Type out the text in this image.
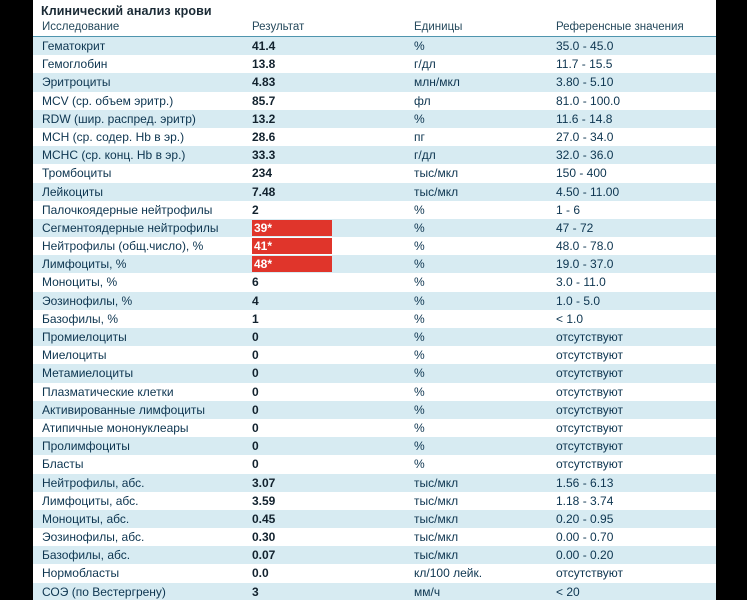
Клинический анализ крови
Исследование	Результат	Единицы	Референсные значения
Гематокрит	41.4	%	35.0 - 45.0
Гемоглобин	13.8	г/дл	11.7 - 15.5
Эритроциты	4.83	млн/мкл	3.80 - 5.10
MCV (ср. объем эритр.)	85.7	фл	81.0 - 100.0
RDW (шир. распред. эритр)	13.2	%	11.6 - 14.8
MCH (ср. содер. Hb в эр.)	28.6	пг	27.0 - 34.0
MCHC (ср. конц. Hb в эр.)	33.3	г/дл	32.0 - 36.0
Тромбоциты	234	тыс/мкл	150 - 400
Лейкоциты	7.48	тыс/мкл	4.50 - 11.00
Палочкоядерные нейтрофилы	2	%	1 - 6
Сегментоядерные нейтрофилы	39*	%	47 - 72
Нейтрофилы (общ.число), %	41*	%	48.0 - 78.0
Лимфоциты, %	48*	%	19.0 - 37.0
Моноциты, %	6	%	3.0 - 11.0
Эозинофилы, %	4	%	1.0 - 5.0
Базофилы, %	1	%	< 1.0
Промиелоциты	0	%	отсутствуют
Миелоциты	0	%	отсутствуют
Метамиелоциты	0	%	отсутствуют
Плазматические клетки	0	%	отсутствуют
Активированные лимфоциты	0	%	отсутствуют
Атипичные мононуклеары	0	%	отсутствуют
Пролимфоциты	0	%	отсутствуют
Бласты	0	%	отсутствуют
Нейтрофилы, абс.	3.07	тыс/мкл	1.56 - 6.13
Лимфоциты, абс.	3.59	тыс/мкл	1.18 - 3.74
Моноциты, абс.	0.45	тыс/мкл	0.20 - 0.95
Эозинофилы, абс.	0.30	тыс/мкл	0.00 - 0.70
Базофилы, абс.	0.07	тыс/мкл	0.00 - 0.20
Нормобласты	0.0	кл/100 лейк.	отсутствуют
СОЭ (по Вестергрену)	3	мм/ч	< 20
